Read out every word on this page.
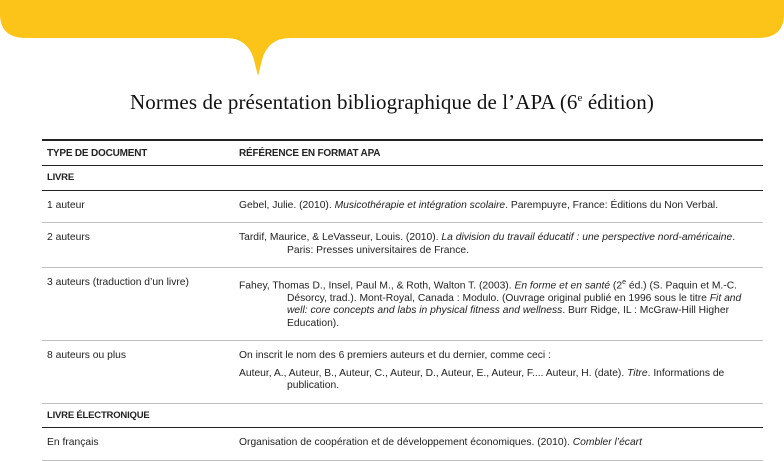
Normes de présentation bibliographique de l’APA (6e édition)
TYPE DE DOCUMENT	RÉFÉRENCE EN FORMAT APA
LIVRE	
1 auteur	Gebel, Julie. (2010). Musicothérapie et intégration scolaire. Parempuyre, France: Éditions du Non Verbal.

2 auteurs	Tardif, Maurice, & LeVasseur, Louis. (2010). La division du travail éducatif : une perspective nord-américaine. Paris: Presses universitaires de France.

3 auteurs (traduction d’un livre)	Fahey, Thomas D., Insel, Paul M., & Roth, Walton T. (2003). En forme et en santé (2e éd.) (S. Paquin et M.-C. Désorcy, trad.). Mont-Royal, Canada : Modulo. (Ouvrage original publié en 1996 sous le titre Fit and well: core concepts and labs in physical fitness and wellness. Burr Ridge, IL : McGraw-Hill Higher Education).

8 auteurs ou plus	On inscrit le nom des 6 premiers auteurs et du dernier, comme ceci :

Auteur, A., Auteur, B., Auteur, C., Auteur, D., Auteur, E., Auteur, F.... Auteur, H. (date). Titre. Informations de publication.

LIVRE ÉLECTRONIQUE	
En français	Organisation de coopération et de développement économiques. (2010). Combler l’écart
